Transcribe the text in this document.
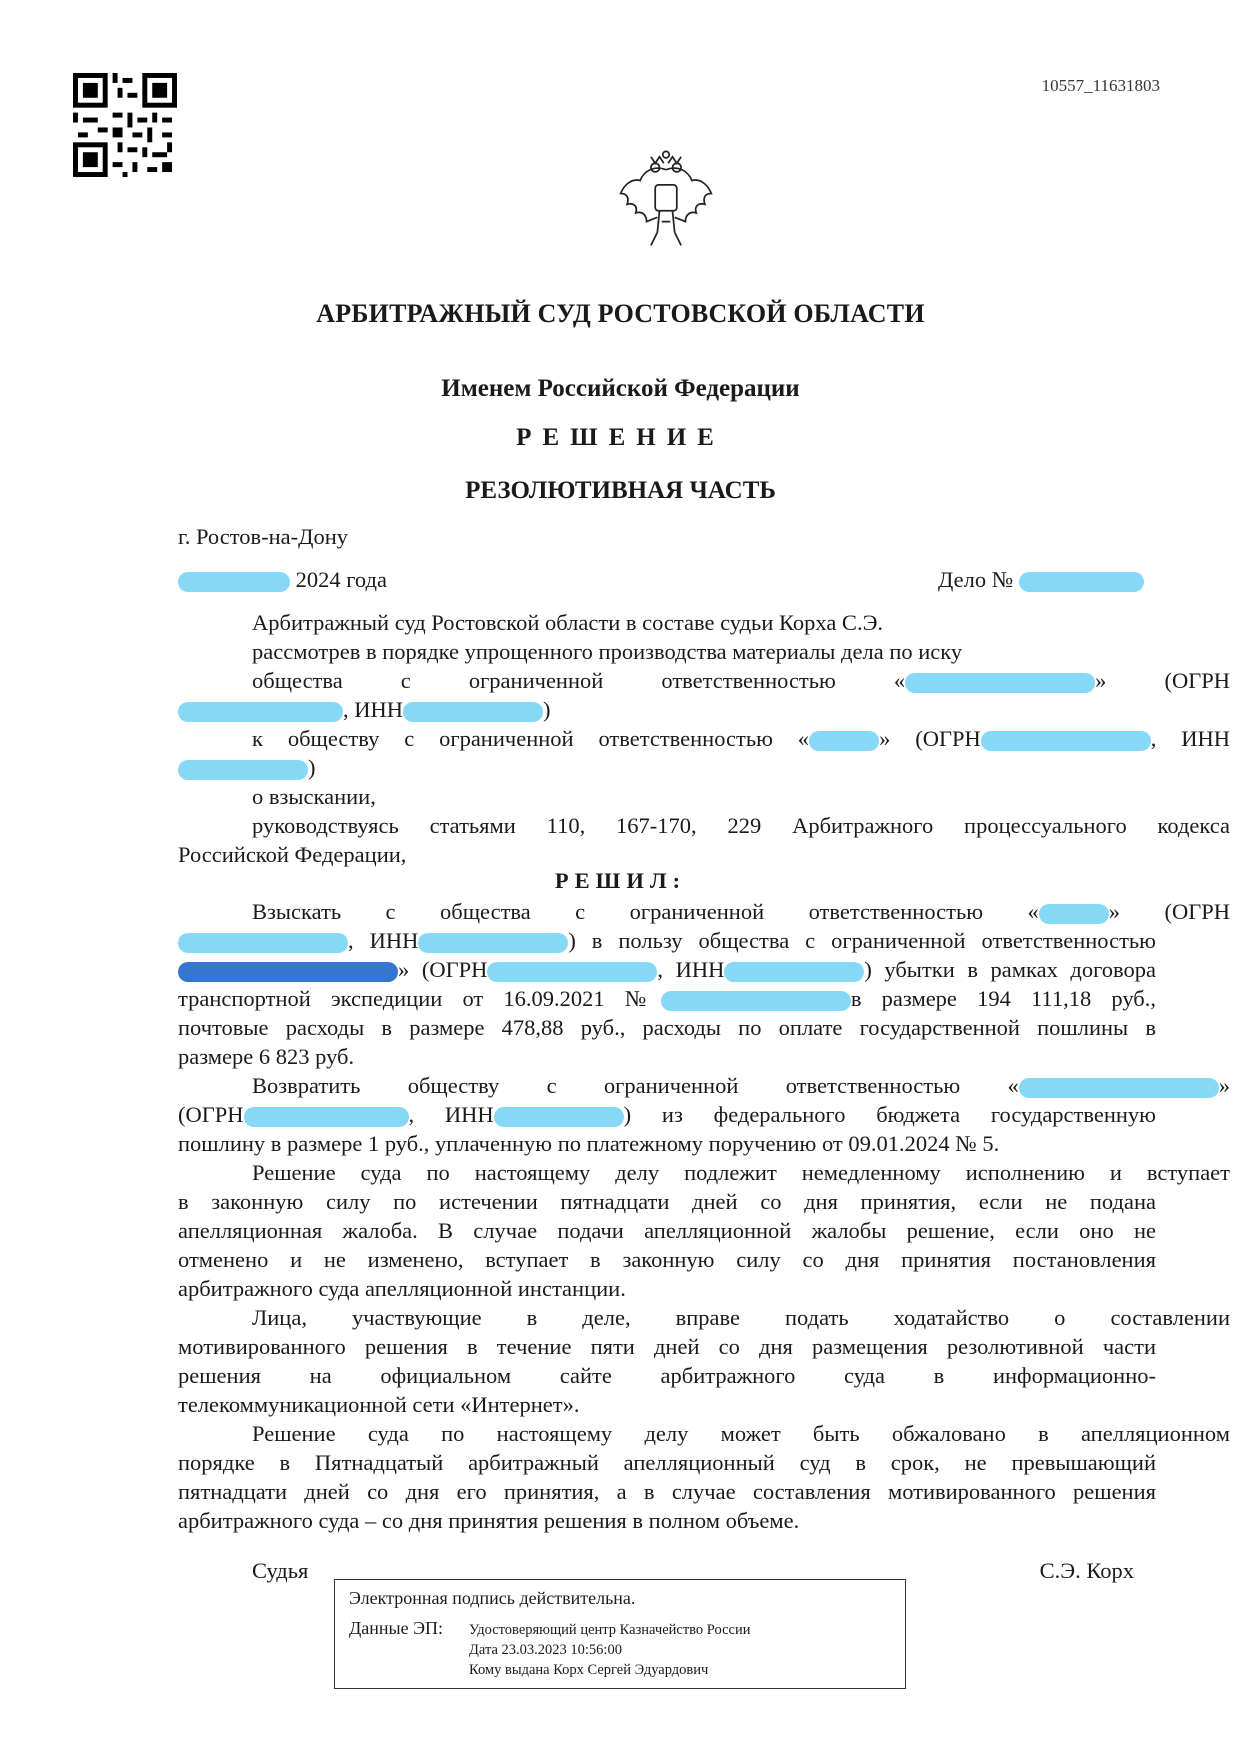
10557_11631803
АРБИТРАЖНЫЙ СУД РОСТОВСКОЙ ОБЛАСТИ
Именем Российской Федерации
РЕШЕНИЕ
РЕЗОЛЮТИВНАЯ ЧАСТЬ
г. Ростов-на-Дону
2024 года	Дело №
Арбитражный суд Ростовской области в составе судьи Корха С.Э.
рассмотрев в порядке упрощенного производства материалы дела по иску
общества с ограниченной ответственностью «	» (ОГРН
, ИНН	)
к обществу с ограниченной ответственностью «	» (ОГРН	, ИНН
)
о взыскании,
руководствуясь статьями 110, 167-170, 229 Арбитражного процессуального кодекса
Российской Федерации,
РЕШИЛ:
Взыскать с общества с ограниченной ответственностью «	» (ОГРН
, ИНН	) в пользу общества с ограниченной ответственностью
» (ОГРН	, ИНН	) убытки в рамках договора
транспортной экспедиции от 16.09.2021 №	в размере 194 111,18 руб.,
почтовые расходы в размере 478,88 руб., расходы по оплате государственной пошлины в
размере 6 823 руб.
Возвратить обществу с ограниченной ответственностью «	»
(ОГРН	, ИНН	) из федерального бюджета государственную
пошлину в размере 1 руб., уплаченную по платежному поручению от 09.01.2024 № 5.
Решение суда по настоящему делу подлежит немедленному исполнению и вступает
в законную силу по истечении пятнадцати дней со дня принятия, если не подана
апелляционная жалоба. В случае подачи апелляционной жалобы решение, если оно не
отменено и не изменено, вступает в законную силу со дня принятия постановления
арбитражного суда апелляционной инстанции.
Лица, участвующие в деле, вправе подать ходатайство о составлении
мотивированного решения в течение пяти дней со дня размещения резолютивной части
решения на официальном сайте арбитражного суда в информационно-
телекоммуникационной сети «Интернет».
Решение суда по настоящему делу может быть обжаловано в апелляционном
порядке в Пятнадцатый арбитражный апелляционный суд в срок, не превышающий
пятнадцати дней со дня его принятия, а в случае составления мотивированного решения
арбитражного суда – со дня принятия решения в полном объеме.
Судья	С.Э. Корх
Электронная подпись действительна.
Данные ЭП: Удостоверяющий центр Казначейство России
Дата 23.03.2023 10:56:00
Кому выдана Корх Сергей Эдуардович
